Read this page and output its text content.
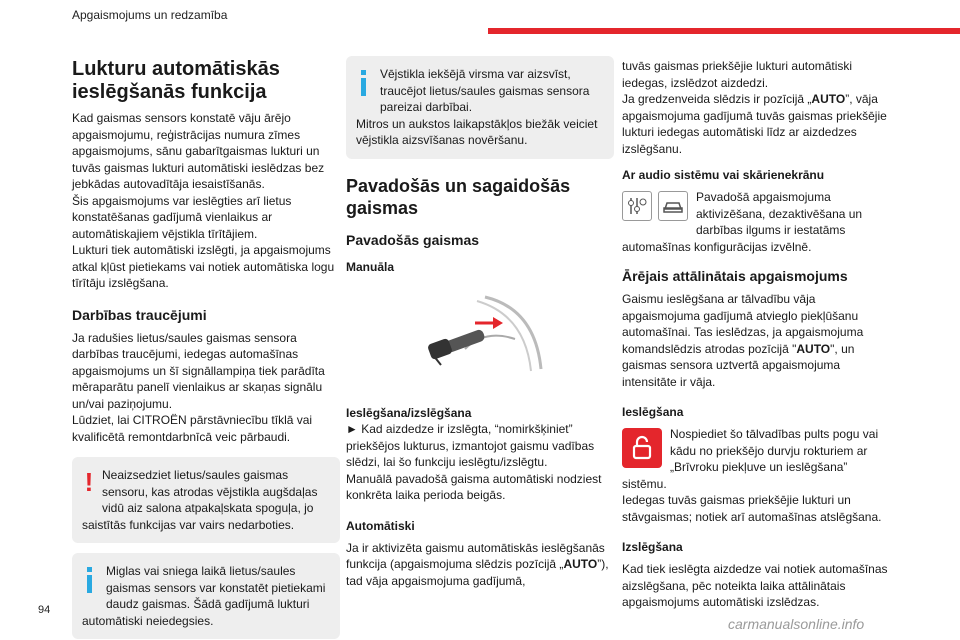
Apgaismojums un redzamība
Lukturu automātiskās ieslēgšanās funkcija

Kad gaismas sensors konstatē vāju ārējo apgaismojumu, reģistrācijas numura zīmes apgaismojums, sānu gabarītgaismas lukturi un tuvās gaismas lukturi automātiski ieslēdzas bez jebkādas autovadītāja iesaistīšanās.

Šis apgaismojums var ieslēgties arī lietus konstatēšanas gadījumā vienlaikus ar automātiskajiem vējstikla tīrītājiem.

Lukturi tiek automātiski izslēgti, ja apgaismojums atkal kļūst pietiekams vai notiek automātiska logu tīrītāju izslēgšana.

Darbības traucējumi

Ja radušies lietus/saules gaismas sensora darbības traucējumi, iedegas automašīnas apgaismojums un šī signāllampiņa tiek parādīta mēraparātu panelī vienlaikus ar skaņas signālu un/vai paziņojumu.

Lūdziet, lai CITROËN pārstāvniecību tīklā vai kvalificētā remontdarbnīcā veic pārbaudi.

! Neaizsedziet lietus/saules gaismas sensoru, kas atrodas vējstikla augšdaļas vidū aiz salona atpakaļskata spoguļa, jo saistītās funkcijas var vairs nedarboties.

Miglas vai sniega laikā lietus/saules gaismas sensors var konstatēt pietiekami daudz gaismas. Šādā gadījumā lukturi automātiski neiedegsies.

Vējstikla iekšējā virsma var aizsvīst, traucējot lietus/saules gaismas sensora pareizai darbībai.

Mitros un aukstos laikapstākļos biežāk veiciet vējstikla aizsvīšanas novēršanu.

Pavadošās un sagaidošās gaismas
Pavadošās gaismas
Manuāla

Ieslēgšana/izslēgšana

► Kad aizdedze ir izslēgta, “nomirkšķiniet” priekšējos lukturus, izmantojot gaismu vadības slēdzi, lai šo funkciju ieslēgtu/izslēgtu.

Manuālā pavadošā gaisma automātiski nodziest konkrēta laika perioda beigās.

Automātiski

Ja ir aktivizēta gaismu automātiskās ieslēgšanās funkcija (apgaismojuma slēdzis pozīcijā „AUTO”), tad vāja apgaismojuma gadījumā,

tuvās gaismas priekšējie lukturi automātiski iedegas, izslēdzot aizdedzi.

Ja gredzenveida slēdzis ir pozīcijā „AUTO”, vāja apgaismojuma gadījumā tuvās gaismas priekšējie lukturi iedegas automātiski līdz ar aizdedzes izslēgšanu.

Ar audio sistēmu vai skārienekrānu

Pavadošā apgaismojuma aktivizēšana, dezaktivēšana un darbības ilgums ir iestatāms automašīnas konfigurācijas izvēlnē.

Ārējais attālinātais apgaismojums

Gaismu ieslēgšana ar tālvadību vāja apgaismojuma gadījumā atvieglo piekļūšanu automašīnai. Tas ieslēdzas, ja apgaismojuma komandslēdzis atrodas pozīcijā "AUTO", un gaismas sensora uztvertā apgaismojuma intensitāte ir vāja.

Ieslēgšana

Nospiediet šo tālvadības pults pogu vai kādu no priekšējo durvju rokturiem ar „Brīvroku piekļuve un ieslēgšana” sistēmu.

Iedegas tuvās gaismas priekšējie lukturi un stāvgaismas; notiek arī automašīnas atslēgšana.

Izslēgšana

Kad tiek ieslēgta aizdedze vai notiek automašīnas aizslēgšana, pēc noteikta laika attālinātais apgaismojums automātiski izslēdzas.

94
carmanualsonline.info
